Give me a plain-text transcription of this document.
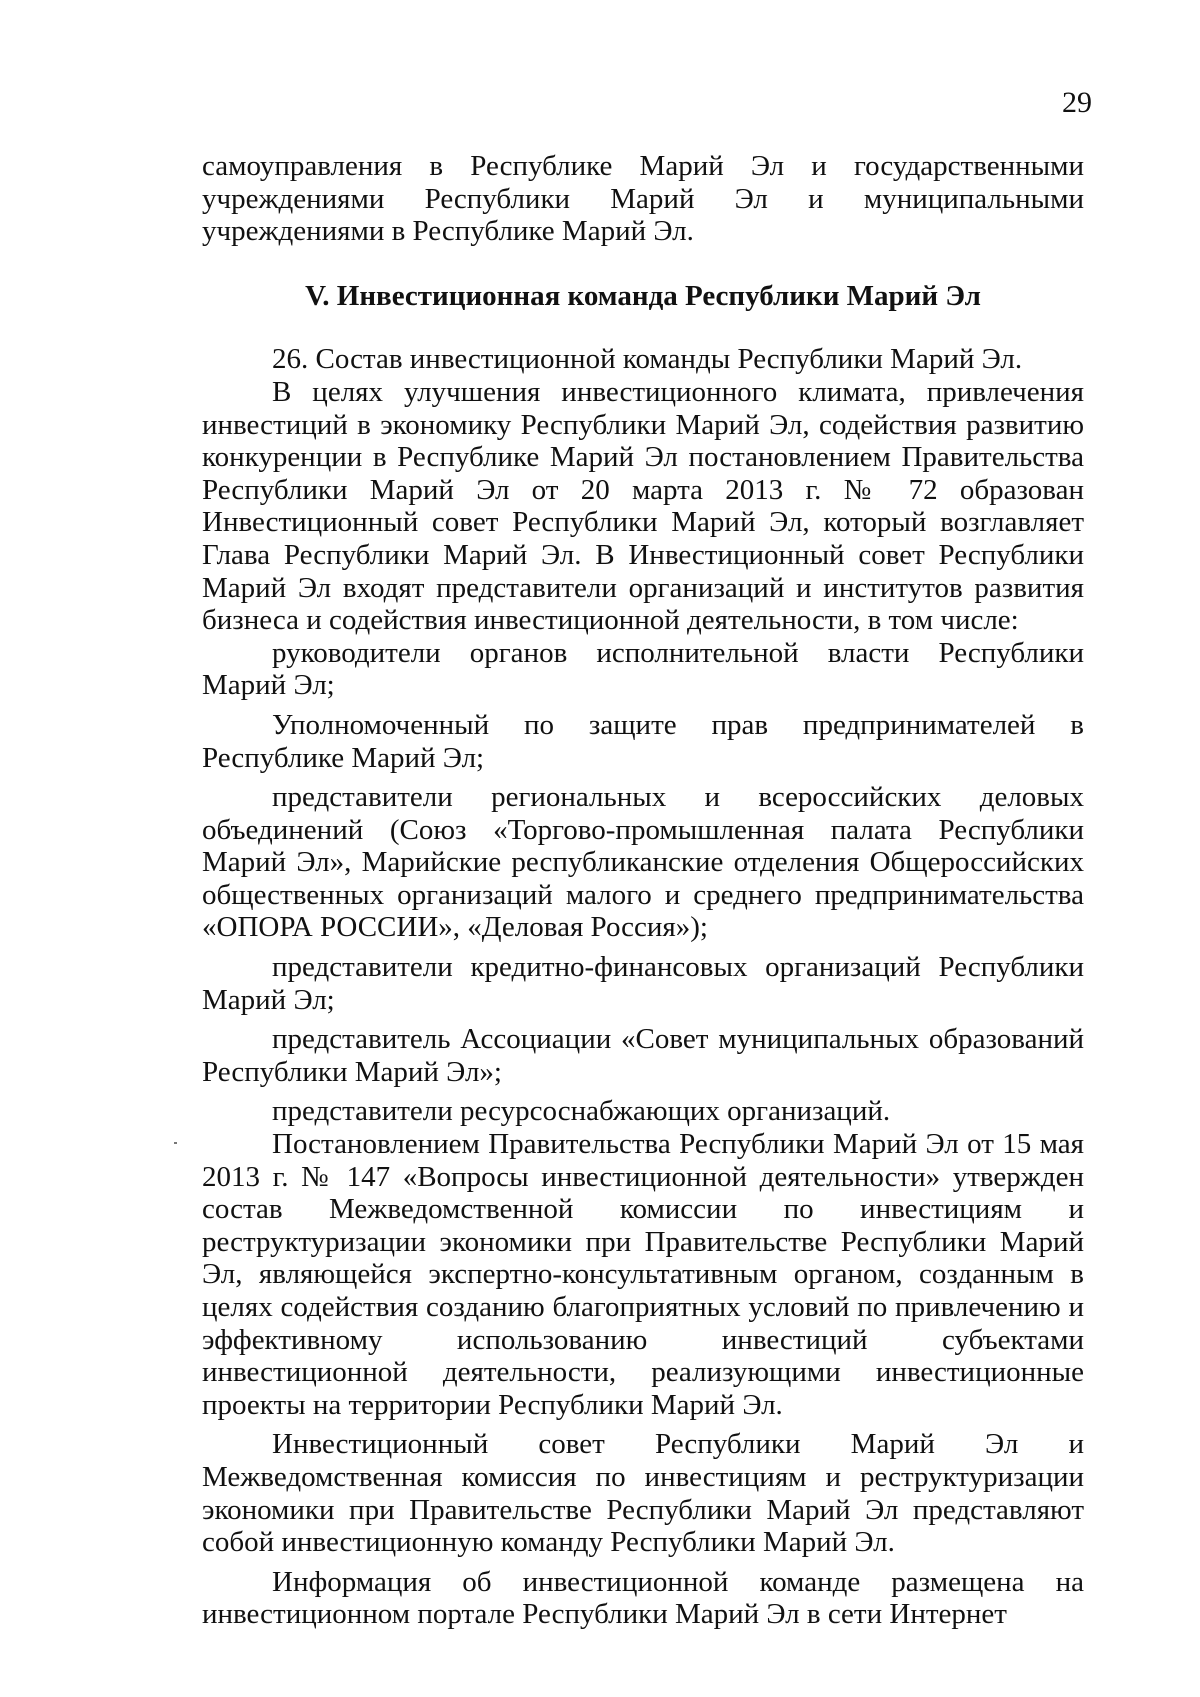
29

самоуправления в Республике Марий Эл и государственными учреждениями Республики Марий Эл и муниципальными учреждениями в Республике Марий Эл.

V. Инвестиционная команда Республики Марий Эл

26. Состав инвестиционной команды Республики Марий Эл.

В целях улучшения инвестиционного климата, привлечения инвестиций в экономику Республики Марий Эл, содействия развитию конкуренции в Республике Марий Эл постановлением Правительства Республики Марий Эл от 20 марта 2013 г. № 72 образован Инвестиционный совет Республики Марий Эл, который возглавляет Глава Республики Марий Эл. В Инвестиционный совет Республики Марий Эл входят представители организаций и институтов развития бизнеса и содействия инвестиционной деятельности, в том числе:

руководители органов исполнительной власти Республики Марий Эл;

Уполномоченный по защите прав предпринимателей в Республике Марий Эл;

представители региональных и всероссийских деловых объединений (Союз «Торгово-промышленная палата Республики Марий Эл», Марийские республиканские отделения Общероссийских общественных организаций малого и среднего предпринимательства «ОПОРА РОССИИ», «Деловая Россия»);

представители кредитно-финансовых организаций Республики Марий Эл;

представитель Ассоциации «Совет муниципальных образований Республики Марий Эл»;

представители ресурсоснабжающих организаций.

Постановлением Правительства Республики Марий Эл от 15 мая 2013 г. № 147 «Вопросы инвестиционной деятельности» утвержден состав Межведомственной комиссии по инвестициям и реструктуризации экономики при Правительстве Республики Марий Эл, являющейся экспертно-консультативным органом, созданным в целях содействия созданию благоприятных условий по привлечению и эффективному использованию инвестиций субъектами инвестиционной деятельности, реализующими инвестиционные проекты на территории Республики Марий Эл.

Инвестиционный совет Республики Марий Эл и Межведомственная комиссия по инвестициям и реструктуризации экономики при Правительстве Республики Марий Эл представляют собой инвестиционную команду Республики Марий Эл.

Информация об инвестиционной команде размещена на инвестиционном портале Республики Марий Эл в сети Интернет
